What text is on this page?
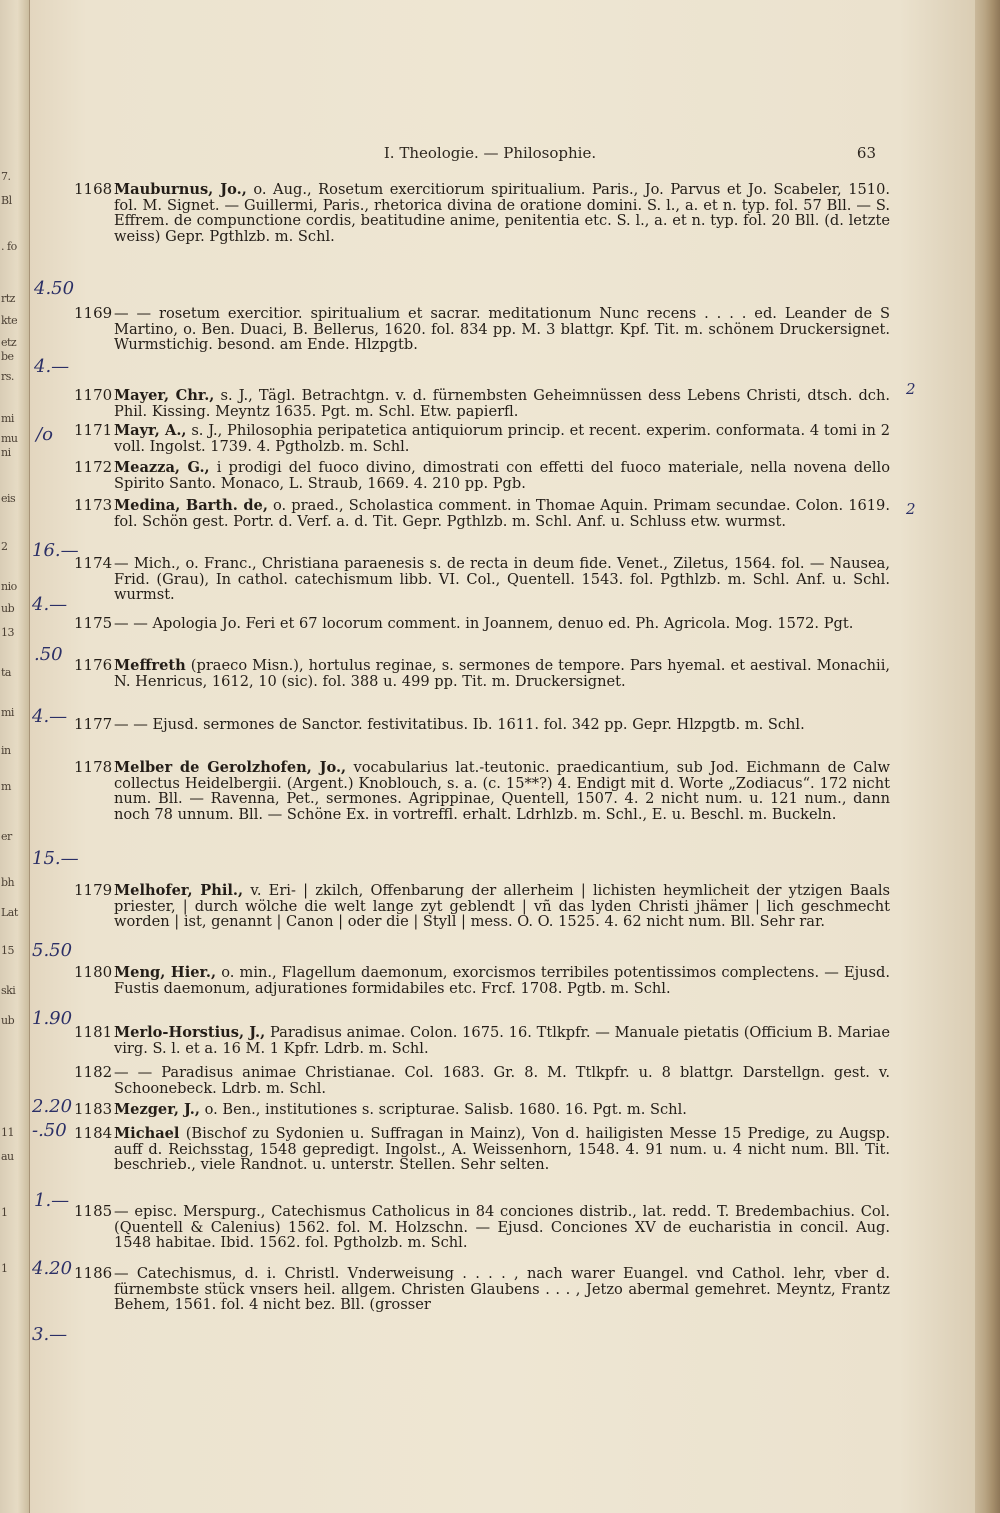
7.
Bl
. fo
rtz
kte
etz
be
rs.
mi
mu
ni
eis
2
nio
ub
13
ta
mi
in
m
er
bh
Lat
15
ski
ub
11
au
1
1
I. Theologie. — Philosophie.	63
1168 Mauburnus, Jo., o. Aug., Rosetum exercitiorum spiritualium. Paris., Jo. Parvus et Jo. Scabeler, 1510. fol. M. Signet. — Guillermi, Paris., rhetorica divina de oratione domini. S. l., a. et n. typ. fol. 57 Bll. — S. Effrem. de compunctione cordis, beatitudine anime, penitentia etc. S. l., a. et n. typ. fol. 20 Bll. (d. letzte weiss) Gepr. Pgthlzb. m. Schl.
1169 — — rosetum exercitior. spiritualium et sacrar. meditationum Nunc recens . . . . ed. Leander de S Martino, o. Ben. Duaci, B. Bellerus, 1620. fol. 834 pp. M. 3 blattgr. Kpf. Tit. m. schönem Druckersignet. Wurmstichig. besond. am Ende. Hlzpgtb.
1170 Mayer, Chr., s. J., Tägl. Betrachtgn. v. d. fürnembsten Geheimnüssen dess Lebens Christi, dtsch. dch. Phil. Kissing. Meyntz 1635. Pgt. m. Schl. Etw. papierfl.
1171 Mayr, A., s. J., Philosophia peripatetica antiquiorum princip. et recent. experim. conformata. 4 tomi in 2 voll. Ingolst. 1739. 4. Pgtholzb. m. Schl.
1172 Meazza, G., i prodigi del fuoco divino, dimostrati con effetti del fuoco materiale, nella novena dello Spirito Santo. Monaco, L. Straub, 1669. 4. 210 pp. Pgb.
1173 Medina, Barth. de, o. praed., Scholastica comment. in Thomae Aquin. Primam secundae. Colon. 1619. fol. Schön gest. Portr. d. Verf. a. d. Tit. Gepr. Pgthlzb. m. Schl. Anf. u. Schluss etw. wurmst.
1174 — Mich., o. Franc., Christiana paraenesis s. de recta in deum fide. Venet., Ziletus, 1564. fol. — Nausea, Frid. (Grau), In cathol. catechismum libb. VI. Col., Quentell. 1543. fol. Pgthlzb. m. Schl. Anf. u. Schl. wurmst.
1175 — — Apologia Jo. Feri et 67 locorum comment. in Joannem, denuo ed. Ph. Agricola. Mog. 1572. Pgt.
1176 Meffreth (praeco Misn.), hortulus reginae, s. sermones de tempore. Pars hyemal. et aestival. Monachii, N. Henricus, 1612, 10 (sic). fol. 388 u. 499 pp. Tit. m. Druckersignet.
1177 — — Ejusd. sermones de Sanctor. festivitatibus. Ib. 1611. fol. 342 pp. Gepr. Hlzpgtb. m. Schl.
1178 Melber de Gerolzhofen, Jo., vocabularius lat.-teutonic. praedicantium, sub Jod. Eichmann de Calw collectus Heidelbergii. (Argent.) Knoblouch, s. a. (c. 15**?) 4. Endigt mit d. Worte „Zodiacus“. 172 nicht num. Bll. — Ravenna, Pet., sermones. Agrippinae, Quentell, 1507. 4. 2 nicht num. u. 121 num., dann noch 78 unnum. Bll. — Schöne Ex. in vortreffl. erhalt. Ldrhlzb. m. Schl., E. u. Beschl. m. Buckeln.
1179 Melhofer, Phil., v. Eri- | zkilch, Offenbarung der allerheim | lichisten heymlicheit der ytzigen Baals priester, | durch wölche die welt lange zyt geblendt | vñ das lyden Christi jhämer | lich geschmecht worden | ist, genannt | Canon | oder die | Styll | mess. O. O. 1525. 4. 62 nicht num. Bll. Sehr rar.
1180 Meng, Hier., o. min., Flagellum daemonum, exorcismos terribiles potentissimos complectens. — Ejusd. Fustis daemonum, adjurationes formidabiles etc. Frcf. 1708. Pgtb. m. Schl.
1181 Merlo-Horstius, J., Paradisus animae. Colon. 1675. 16. Ttlkpfr. — Manuale pietatis (Officium B. Mariae virg. S. l. et a. 16 M. 1 Kpfr. Ldrb. m. Schl.
1182 — — Paradisus animae Christianae. Col. 1683. Gr. 8. M. Ttlkpfr. u. 8 blattgr. Darstellgn. gest. v. Schoonebeck. Ldrb. m. Schl.
1183 Mezger, J., o. Ben., institutiones s. scripturae. Salisb. 1680. 16. Pgt. m. Schl.
1184 Michael (Bischof zu Sydonien u. Suffragan in Mainz), Von d. hailigisten Messe 15 Predige, zu Augsp. auff d. Reichsstag, 1548 gepredigt. Ingolst., A. Weissenhorn, 1548. 4. 91 num. u. 4 nicht num. Bll. Tit. beschrieb., viele Randnot. u. unterstr. Stellen. Sehr selten.
1185 — episc. Merspurg., Catechismus Catholicus in 84 conciones distrib., lat. redd. T. Bredembachius. Col. (Quentell & Calenius) 1562. fol. M. Holzschn. — Ejusd. Conciones XV de eucharistia in concil. Aug. 1548 habitae. Ibid. 1562. fol. Pgtholzb. m. Schl.
1186 — Catechismus, d. i. Christl. Vnderweisung . . . . , nach warer Euangel. vnd Cathol. lehr, vber d. fürnembste stück vnsers heil. allgem. Christen Glaubens . . . , Jetzo abermal gemehret. Meyntz, Frantz Behem, 1561. fol. 4 nicht bez. Bll. (grosser
4.50
4.—
/o
16.—
4.—
.50
4.—
15.—
5.50
1.90
2.20
-.50
1.—
4.20
3.—
2
2
